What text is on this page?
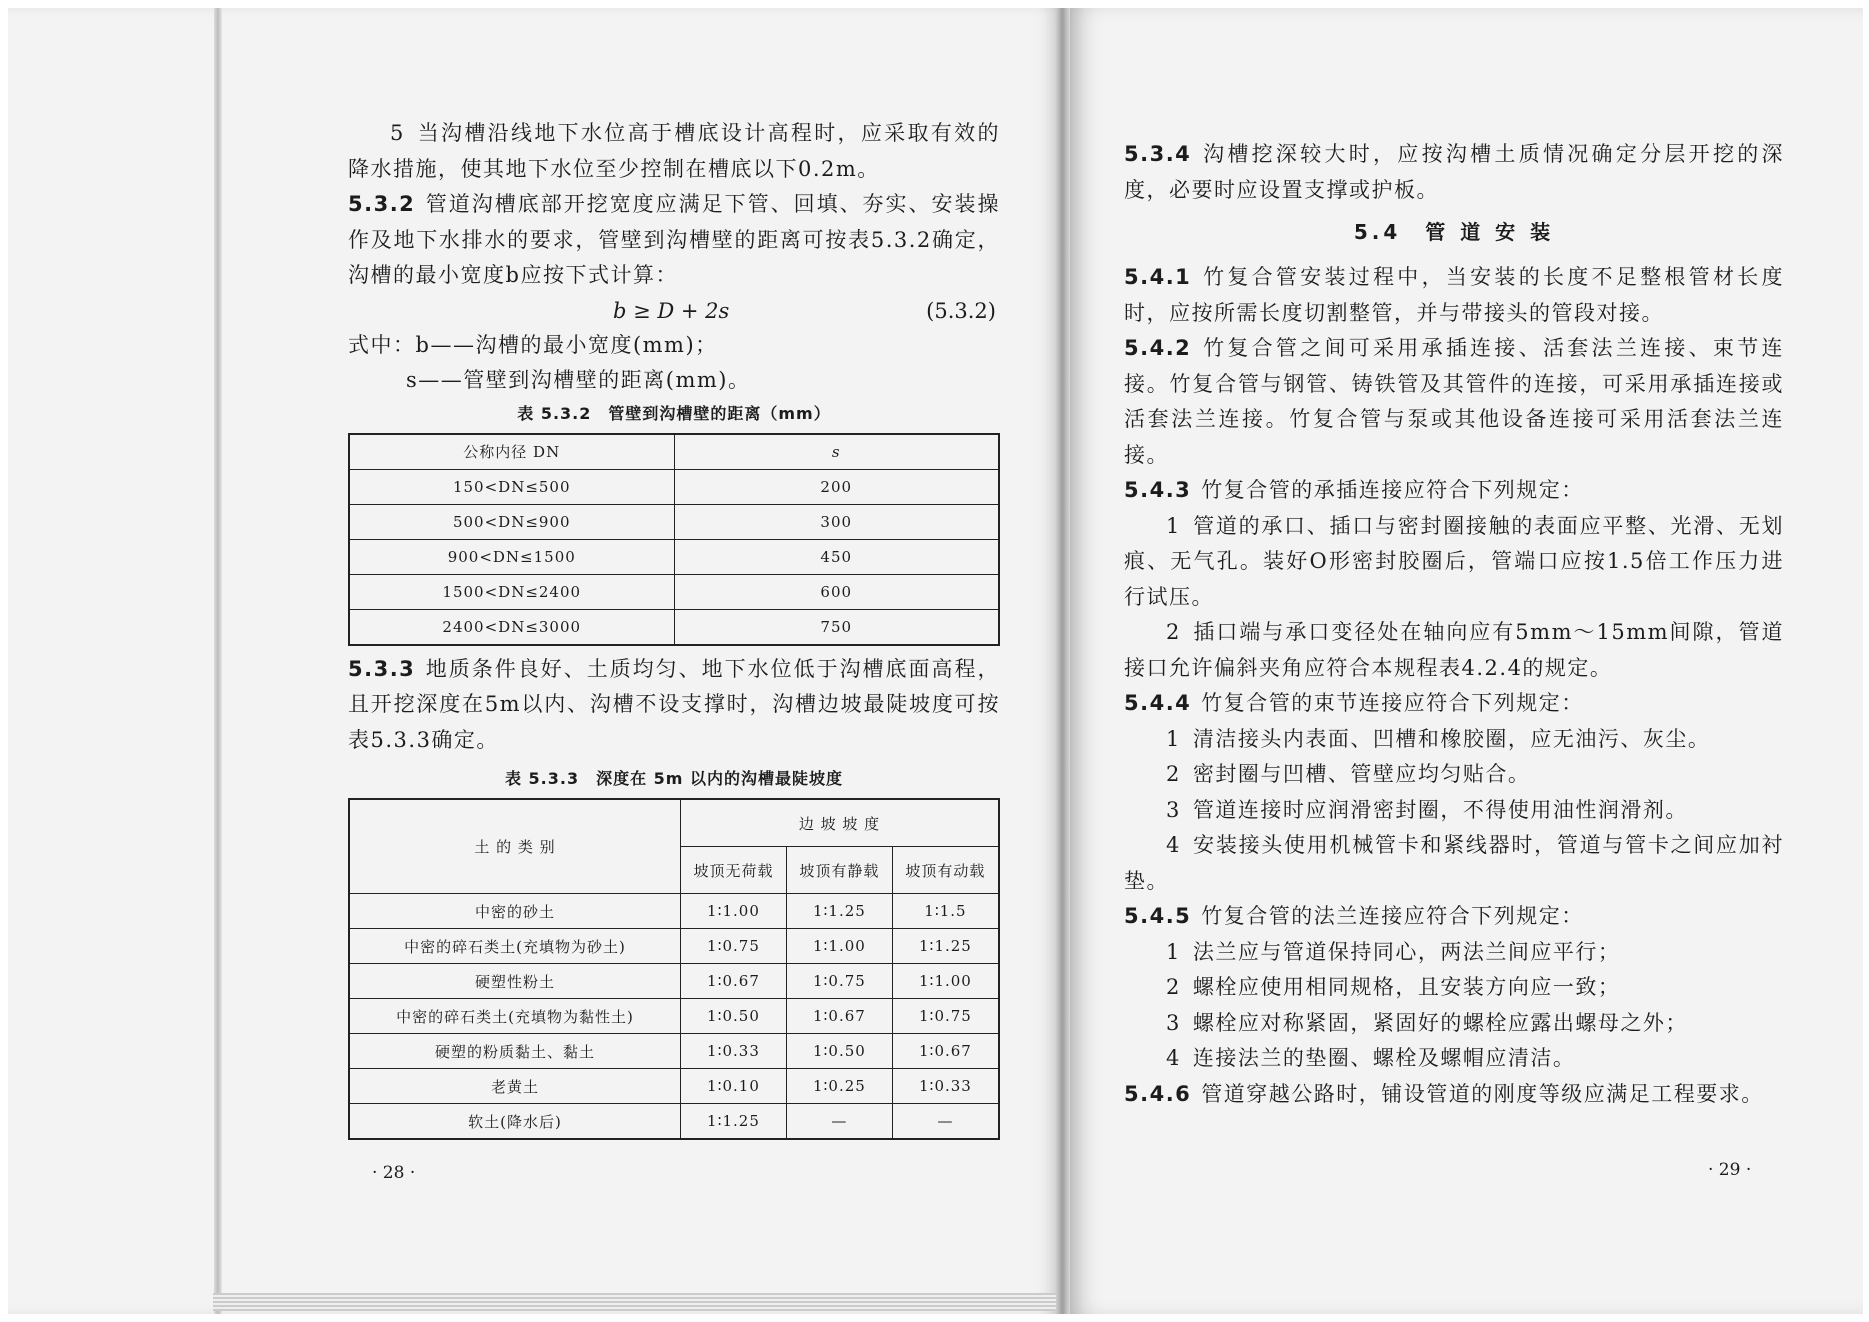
5 当沟槽沿线地下水位高于槽底设计高程时，应采取有效的降水措施，使其地下水位至少控制在槽底以下0.2m。

5.3.2 管道沟槽底部开挖宽度应满足下管、回填、夯实、安装操作及地下水排水的要求，管壁到沟槽壁的距离可按表5.3.2确定，沟槽的最小宽度b应按下式计算：

b ≥ D + 2s	(5.3.2)

式中：b——沟槽的最小宽度(mm)；

s——管壁到沟槽壁的距离(mm)。

表 5.3.2　管壁到沟槽壁的距离（mm）
公称内径 DN	s
150<DN≤500	200
500<DN≤900	300
900<DN≤1500	450
1500<DN≤2400	600
2400<DN≤3000	750

5.3.3 地质条件良好、土质均匀、地下水位低于沟槽底面高程，且开挖深度在5m以内、沟槽不设支撑时，沟槽边坡最陡坡度可按表5.3.3确定。

表 5.3.3　深度在 5m 以内的沟槽最陡坡度
土 的 类 别	边 坡 坡 度		
	坡顶无荷载	坡顶有静载	坡顶有动载
中密的砂土	1∶1.00	1∶1.25	1∶1.5
中密的碎石类土(充填物为砂土)	1∶0.75	1∶1.00	1∶1.25
硬塑性粉土	1∶0.67	1∶0.75	1∶1.00
中密的碎石类土(充填物为黏性土)	1∶0.50	1∶0.67	1∶0.75
硬塑的粉质黏土、黏土	1∶0.33	1∶0.50	1∶0.67
老黄土	1∶0.10	1∶0.25	1∶0.33
软土(降水后)	1∶1.25	—	—
· 28 ·

5.3.4 沟槽挖深较大时，应按沟槽土质情况确定分层开挖的深度，必要时应设置支撑或护板。

5.4　管 道 安 装

5.4.1 竹复合管安装过程中，当安装的长度不足整根管材长度时，应按所需长度切割整管，并与带接头的管段对接。

5.4.2 竹复合管之间可采用承插连接、活套法兰连接、束节连接。竹复合管与钢管、铸铁管及其管件的连接，可采用承插连接或活套法兰连接。竹复合管与泵或其他设备连接可采用活套法兰连接。

5.4.3 竹复合管的承插连接应符合下列规定：

1 管道的承口、插口与密封圈接触的表面应平整、光滑、无划痕、无气孔。装好O形密封胶圈后，管端口应按1.5倍工作压力进行试压。

2 插口端与承口变径处在轴向应有5mm～15mm间隙，管道接口允许偏斜夹角应符合本规程表4.2.4的规定。

5.4.4 竹复合管的束节连接应符合下列规定：

1 清洁接头内表面、凹槽和橡胶圈，应无油污、灰尘。

2 密封圈与凹槽、管壁应均匀贴合。

3 管道连接时应润滑密封圈，不得使用油性润滑剂。

4 安装接头使用机械管卡和紧线器时，管道与管卡之间应加衬垫。

5.4.5 竹复合管的法兰连接应符合下列规定：

1 法兰应与管道保持同心，两法兰间应平行；

2 螺栓应使用相同规格，且安装方向应一致；

3 螺栓应对称紧固，紧固好的螺栓应露出螺母之外；

4 连接法兰的垫圈、螺栓及螺帽应清洁。

5.4.6 管道穿越公路时，铺设管道的刚度等级应满足工程要求。

· 29 ·
